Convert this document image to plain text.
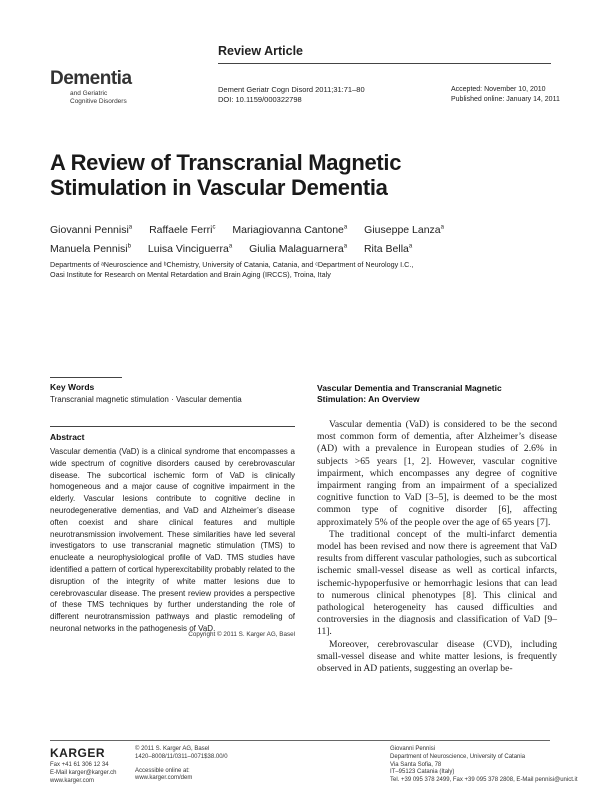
Review Article
Dementia
and Geriatric
Cognitive Disorders
Dement Geriatr Cogn Disord 2011;31:71–80
DOI: 10.1159/000322798
Accepted: November 10, 2010
Published online: January 14, 2011
A Review of Transcranial Magnetic
Stimulation in Vascular Dementia
Giovanni Pennisi$^a$ Raffaele Ferri$^c$ Mariagiovanna Cantone$^a$ Giuseppe Lanza$^a$
Manuela Pennisi$^b$ Luisa Vinciguerra$^a$ Giulia Malaguarnera$^a$ Rita Bella$^a$
Departments of ᵃNeuroscience and ᵇChemistry, University of Catania, Catania, and ᶜDepartment of Neurology I.C.,
Oasi Institute for Research on Mental Retardation and Brain Aging (IRCCS), Troina, Italy
Key Words
Transcranial magnetic stimulation · Vascular dementia
Abstract
Vascular dementia (VaD) is a clinical syndrome that encompasses a wide spectrum of cognitive disorders caused by cerebrovascular disease. The subcortical ischemic form of VaD is clinically homogeneous and a major cause of cognitive impairment in the elderly. Vascular lesions contribute to cognitive decline in neurodegenerative dementias, and VaD and Alzheimer’s disease often coexist and share clinical features and multiple neurotransmission involvement. These similarities have led several investigators to use transcranial magnetic stimulation (TMS) to enucleate a neurophysiological profile of VaD. TMS studies have identified a pattern of cortical hyperexcitability probably related to the disruption of the integrity of white matter lesions due to cerebrovascular disease. The present review provides a perspective of these TMS techniques by further understanding the role of different neurotransmission pathways and plastic remodeling of neuronal networks in the pathogenesis of VaD.
Copyright © 2011 S. Karger AG, Basel
Vascular Dementia and Transcranial Magnetic
Stimulation: An Overview

Vascular dementia (VaD) is considered to be the second most common form of dementia, after Alzheimer’s disease (AD) with a prevalence in European studies of 2.6% in subjects >65 years [1, 2]. However, vascular cognitive impairment, which encompasses any degree of cognitive impairment ranging from an impairment of a specialized cognitive function to VaD [3–5], is deemed to be the most common type of cognitive disorder [6], affecting approximately 5% of the people over the age of 65 years [7].

The traditional concept of the multi-infarct dementia model has been revised and now there is agreement that VaD results from different vascular pathologies, such as subcortical ischemic small-vessel disease as well as cortical infarcts, ischemic-hypoperfusive or hemorrhagic lesions that can lead to numerous clinical phenotypes [8]. This clinical and pathological heterogeneity has caused difficulties and controversies in the diagnosis and classification of VaD [9–11].

Moreover, cerebrovascular disease (CVD), including small-vessel disease and white matter lesions, is frequently observed in AD patients, suggesting an overlap be-

KARGER
Fax +41 61 306 12 34
E-Mail karger@karger.ch
www.karger.com
© 2011 S. Karger AG, Basel
1420–8008/11/0311–0071$38.00/0
Accessible online at:
www.karger.com/dem
Giovanni Pennisi
Department of Neuroscience, University of Catania
Via Santa Sofia, 78
IT–95123 Catania (Italy)
Tel. +39 095 378 2499, Fax +39 095 378 2808, E-Mail pennisi@unict.it
